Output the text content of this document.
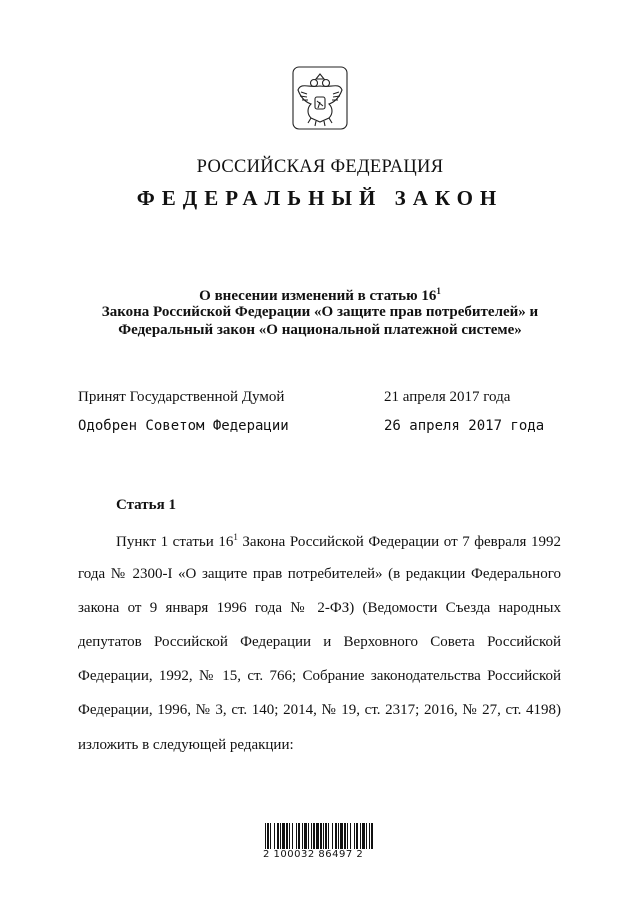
РОССИЙСКАЯ ФЕДЕРАЦИЯ
ФЕДЕРАЛЬНЫЙ ЗАКОН
О внесении изменений в статью $16^1$
Закона Российской Федерации «О защите прав потребителей» и
Федеральный закон «О национальной платежной системе»
Принят Государственной Думой	21 апреля 2017 года
Одобрен Советом Федерации	26 апреля 2017 года
Статья 1
Пункт 1 статьи $16^1$ Закона Российской Федерации от 7 февраля 1992
года № 2300-I «О защите прав потребителей» (в редакции Федерального
закона от 9 января 1996 года № 2-ФЗ) (Ведомости Съезда народных
депутатов Российской Федерации и Верховного Совета Российской
Федерации, 1992, № 15, ст. 766; Собрание законодательства Российской
Федерации, 1996, № 3, ст. 140; 2014, № 19, ст. 2317; 2016, № 27, ст. 4198)
изложить в следующей редакции:
2 100032 86497 2
